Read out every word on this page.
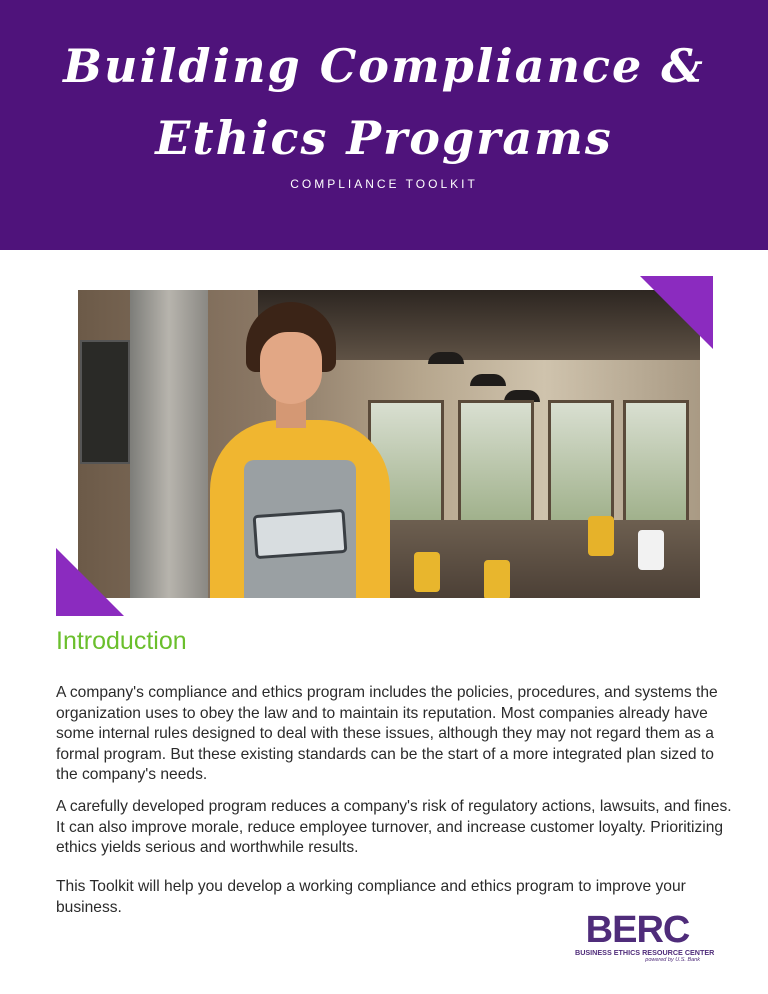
Building Compliance &
Ethics Programs
COMPLIANCE TOOLKIT
Introduction
A company's compliance and ethics program includes the policies, procedures, and systems the organization uses to obey the law and to maintain its reputation. Most companies already have some internal rules designed to deal with these issues, although they may not regard them as a formal program. But these existing standards can be the start of a more integrated plan sized to the company's needs.
A carefully developed program reduces a company's risk of regulatory actions, lawsuits, and fines. It can also improve morale, reduce employee turnover, and increase customer loyalty. Prioritizing ethics yields serious and worthwhile results.
This Toolkit will help you develop a working compliance and ethics program to improve your business.
BERC
BUSINESS ETHICS RESOURCE CENTER
powered by U.S. Bank
